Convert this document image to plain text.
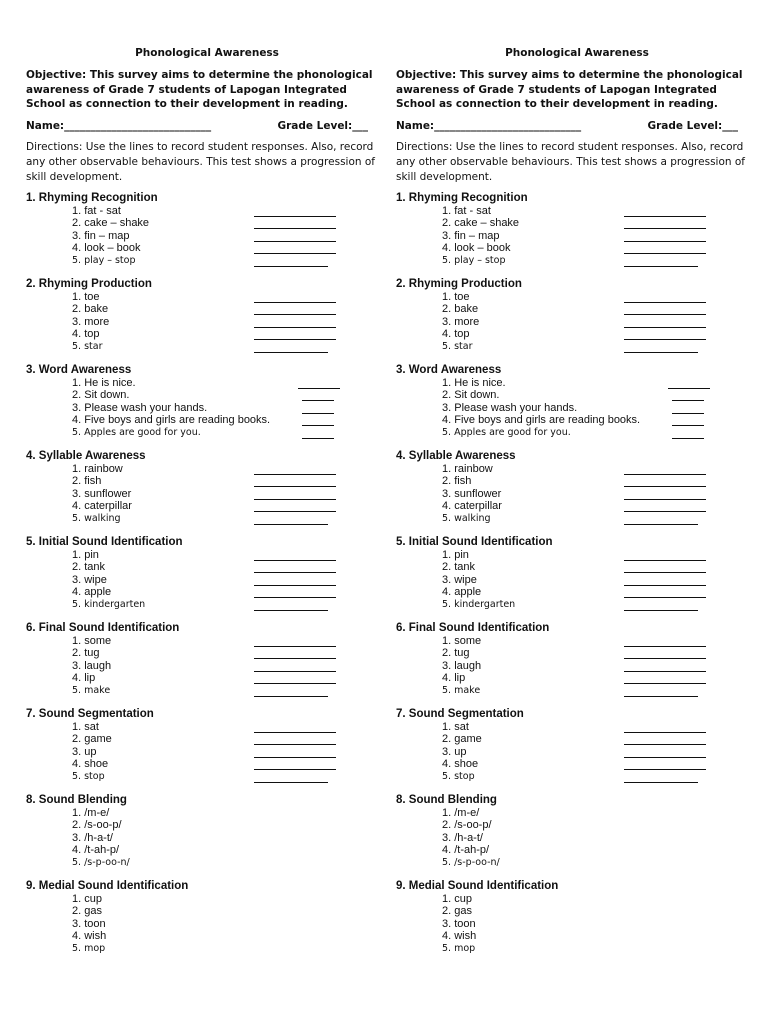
Phonological Awareness
Objective: This survey aims to determine the phonological awareness of Grade 7 students of Lapogan Integrated School as connection to their development in reading.
Name:____________________________	Grade Level:___
Directions: Use the lines to record student responses. Also, record any other observable behaviours. This test shows a progression of skill development.
1. Rhyming Recognition
1. fat - sat
2. cake – shake
3. fin – map
4. look – book
5. play – stop
2. Rhyming Production
1. toe
2. bake
3. more
4. top
5. star
3. Word Awareness
1. He is nice.
2. Sit down.
3. Please wash your hands.
4. Five boys and girls are reading books.
5. Apples are good for you.
4. Syllable Awareness
1. rainbow
2. fish
3. sunflower
4. caterpillar
5. walking
5. Initial Sound Identification
1. pin
2. tank
3. wipe
4. apple
5. kindergarten
6. Final Sound Identification
1. some
2. tug
3. laugh
4. lip
5. make
7. Sound Segmentation
1. sat
2. game
3. up
4. shoe
5. stop
8. Sound Blending
1. /m-e/
2. /s-oo-p/
3. /h-a-t/
4. /t-ah-p/
5. /s-p-oo-n/
9. Medial Sound Identification
1. cup
2. gas
3. toon
4. wish
5. mop
Phonological Awareness
Objective: This survey aims to determine the phonological awareness of Grade 7 students of Lapogan Integrated School as connection to their development in reading.
Name:____________________________	Grade Level:___
Directions: Use the lines to record student responses. Also, record any other observable behaviours. This test shows a progression of skill development.
1. Rhyming Recognition
1. fat - sat
2. cake – shake
3. fin – map
4. look – book
5. play – stop
2. Rhyming Production
1. toe
2. bake
3. more
4. top
5. star
3. Word Awareness
1. He is nice.
2. Sit down.
3. Please wash your hands.
4. Five boys and girls are reading books.
5. Apples are good for you.
4. Syllable Awareness
1. rainbow
2. fish
3. sunflower
4. caterpillar
5. walking
5. Initial Sound Identification
1. pin
2. tank
3. wipe
4. apple
5. kindergarten
6. Final Sound Identification
1. some
2. tug
3. laugh
4. lip
5. make
7. Sound Segmentation
1. sat
2. game
3. up
4. shoe
5. stop
8. Sound Blending
1. /m-e/
2. /s-oo-p/
3. /h-a-t/
4. /t-ah-p/
5. /s-p-oo-n/
9. Medial Sound Identification
1. cup
2. gas
3. toon
4. wish
5. mop
